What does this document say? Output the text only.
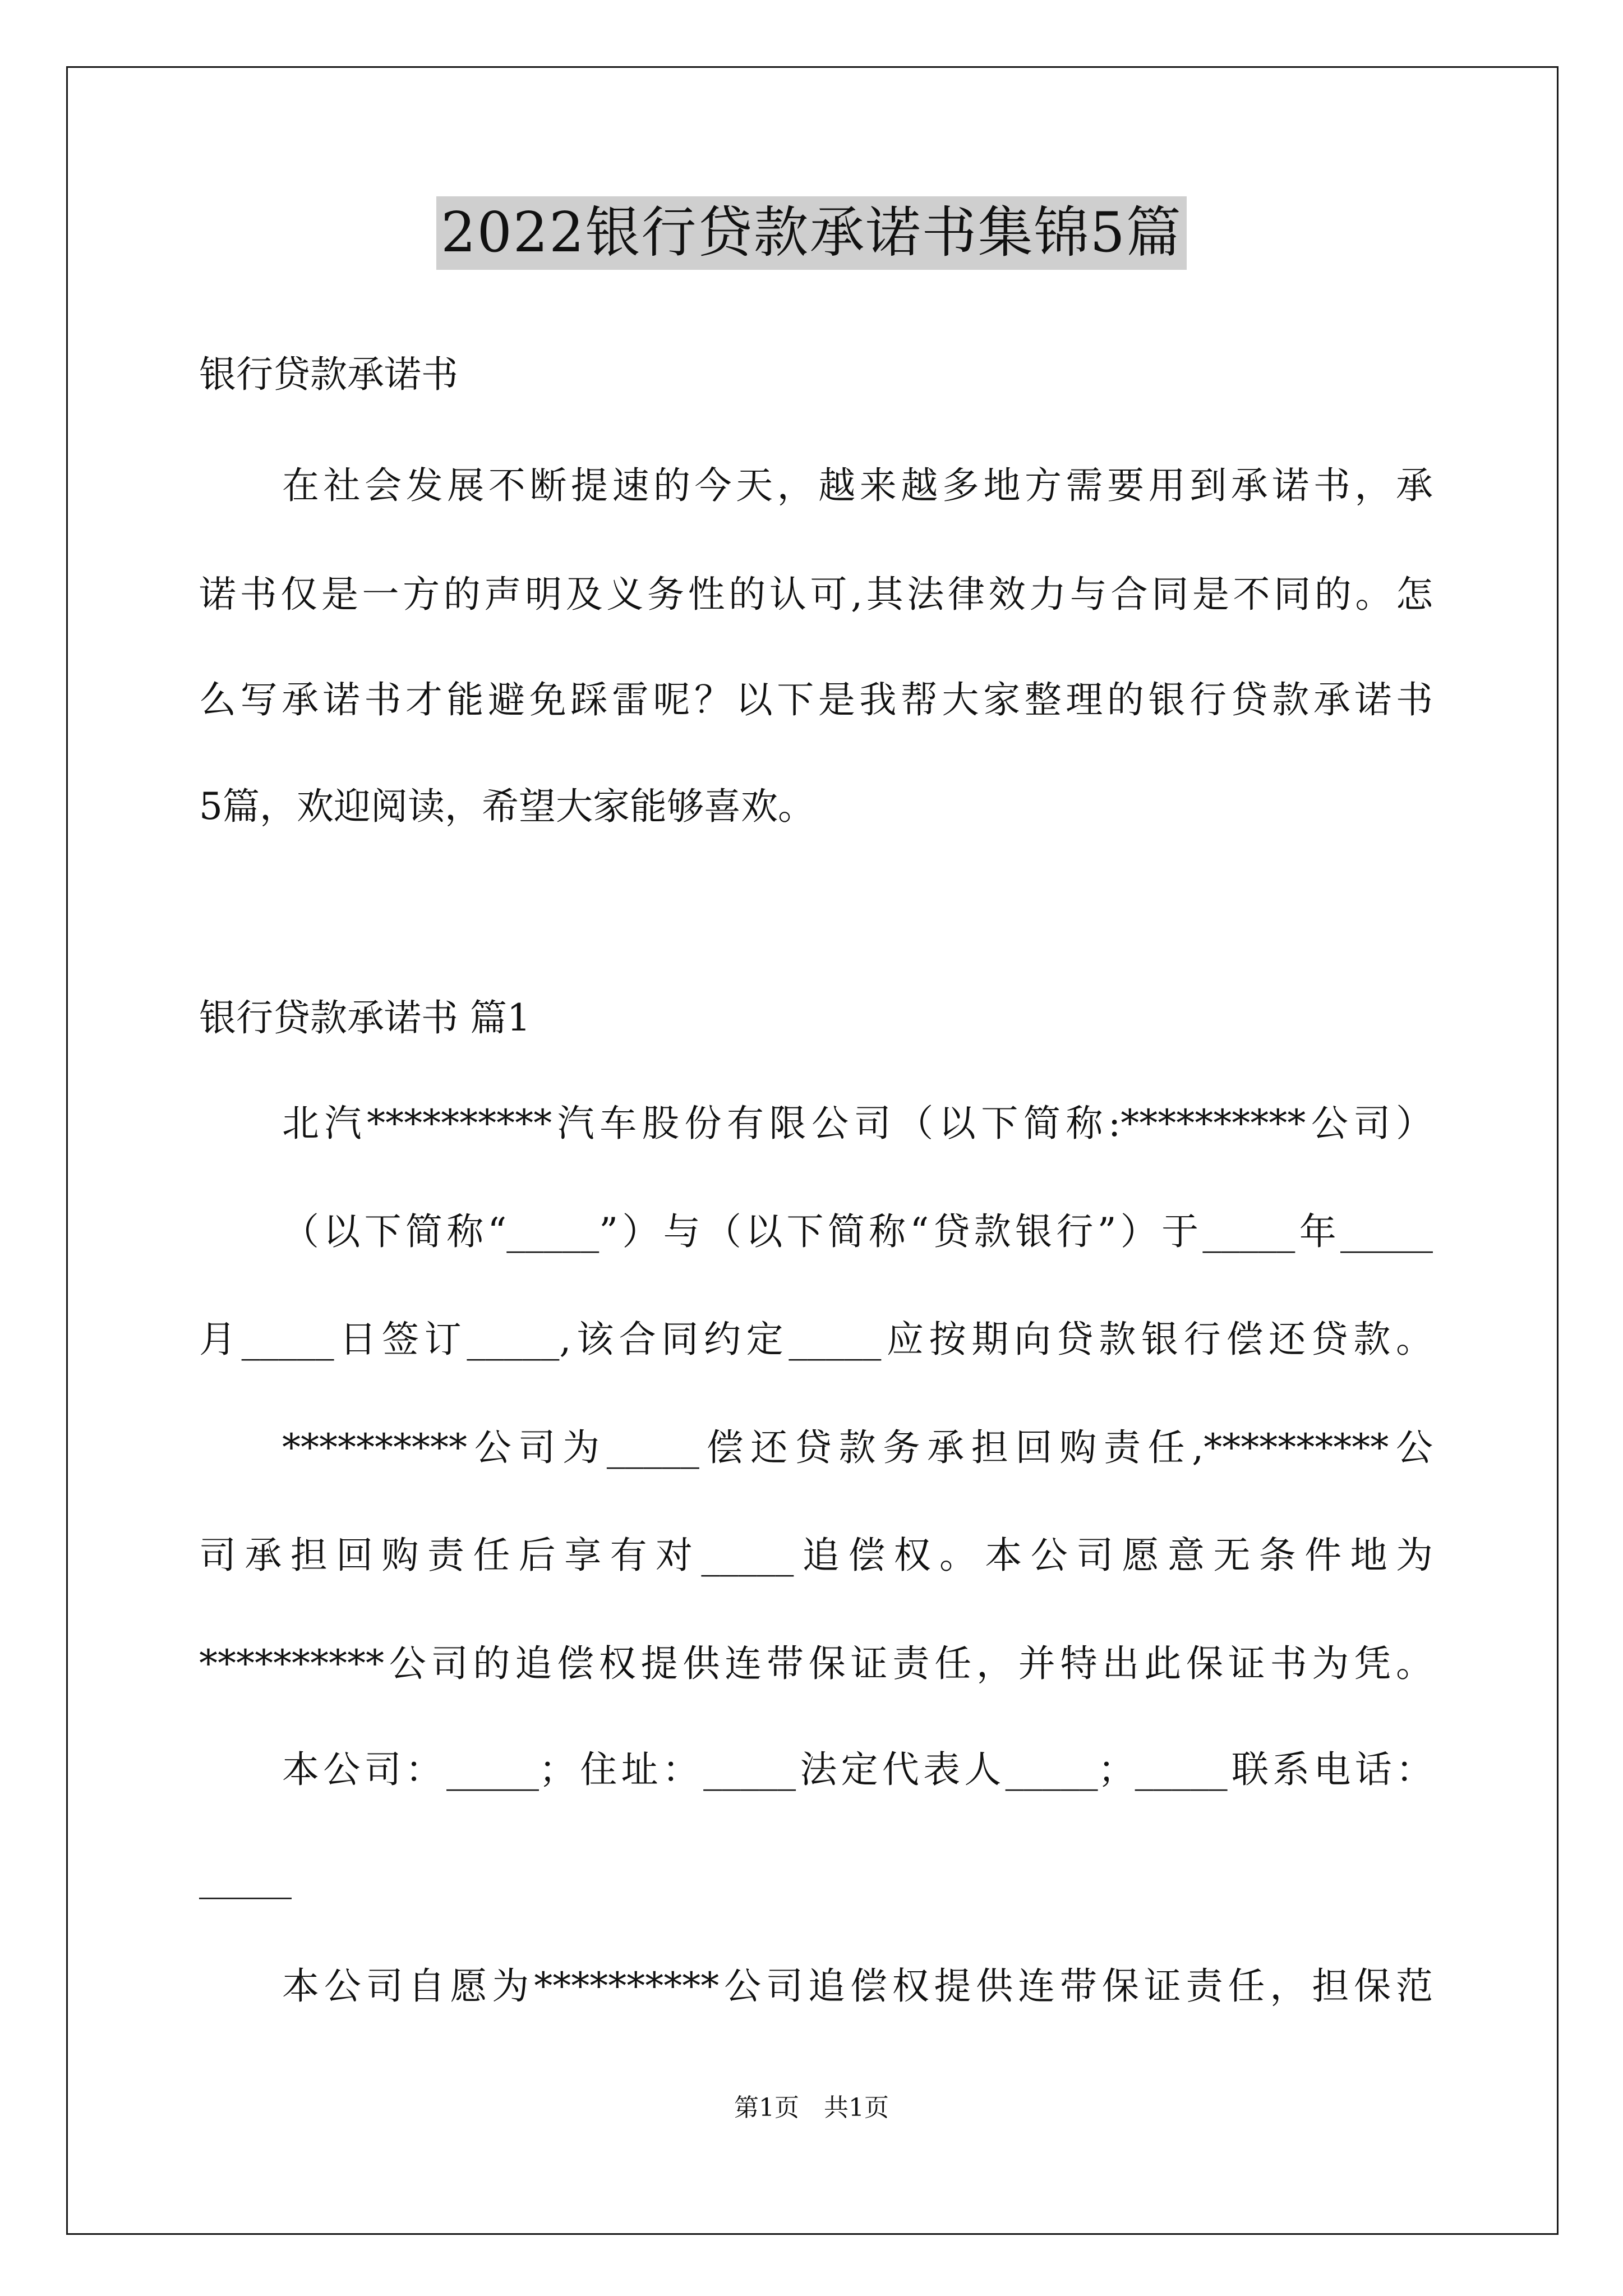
2022银行贷款承诺书集锦5篇
银行贷款承诺书
在社会发展不断提速的今天，越来越多地方需要用到承诺书，承
诺书仅是一方的声明及义务性的认可,其法律效力与合同是不同的。怎
么写承诺书才能避免踩雷呢？以下是我帮大家整理的银行贷款承诺书
5篇，欢迎阅读，希望大家能够喜欢。
银行贷款承诺书 篇1
北汽**********汽车股份有限公司（以下简称:**********公司）
（以下简称“_____”）与（以下简称“贷款银行”）于_____年_____
月_____日签订_____,该合同约定_____应按期向贷款银行偿还贷款。
**********公司为_____偿还贷款务承担回购责任,**********公
司承担回购责任后享有对_____追偿权。本公司愿意无条件地为
**********公司的追偿权提供连带保证责任，并特出此保证书为凭。
本公司：_____；住址：_____法定代表人_____；_____联系电话：
_____
本公司自愿为**********公司追偿权提供连带保证责任，担保范
第1页　共1页
